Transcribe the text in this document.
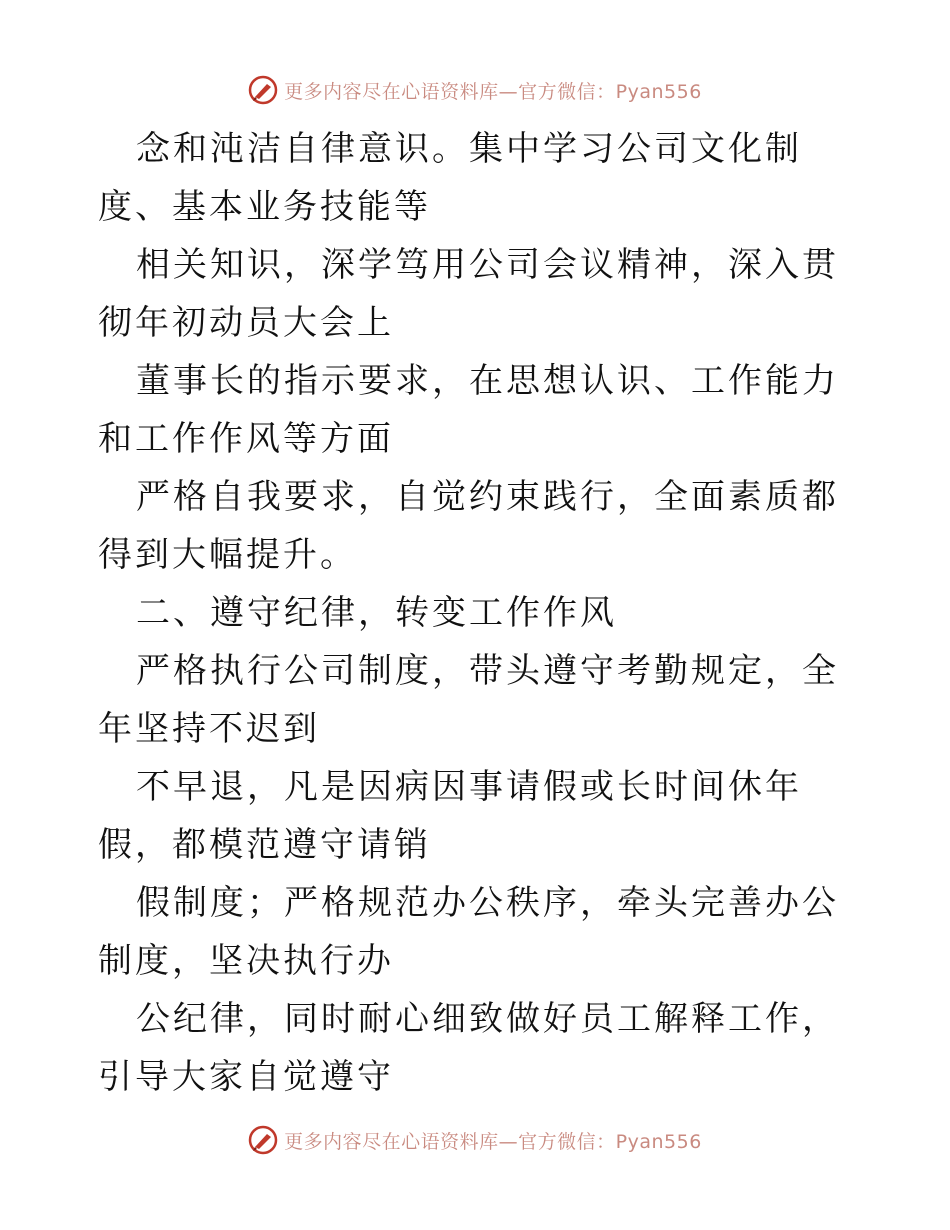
更多内容尽在心语资料库—官方微信：Pyan556

念和沌洁自律意识。集中学习公司文化制度、基本业务技能等

相关知识，深学笃用公司会议精神，深入贯彻年初动员大会上

董事长的指示要求，在思想认识、工作能力和工作作风等方面

严格自我要求，自觉约束践行，全面素质都得到大幅提升。

二、遵守纪律，转变工作作风

严格执行公司制度，带头遵守考勤规定，全年坚持不迟到

不早退，凡是因病因事请假或长时间休年假，都模范遵守请销

假制度；严格规范办公秩序，牵头完善办公制度，坚决执行办

公纪律，同时耐心细致做好员工解释工作，引导大家自觉遵守

更多内容尽在心语资料库—官方微信：Pyan556
